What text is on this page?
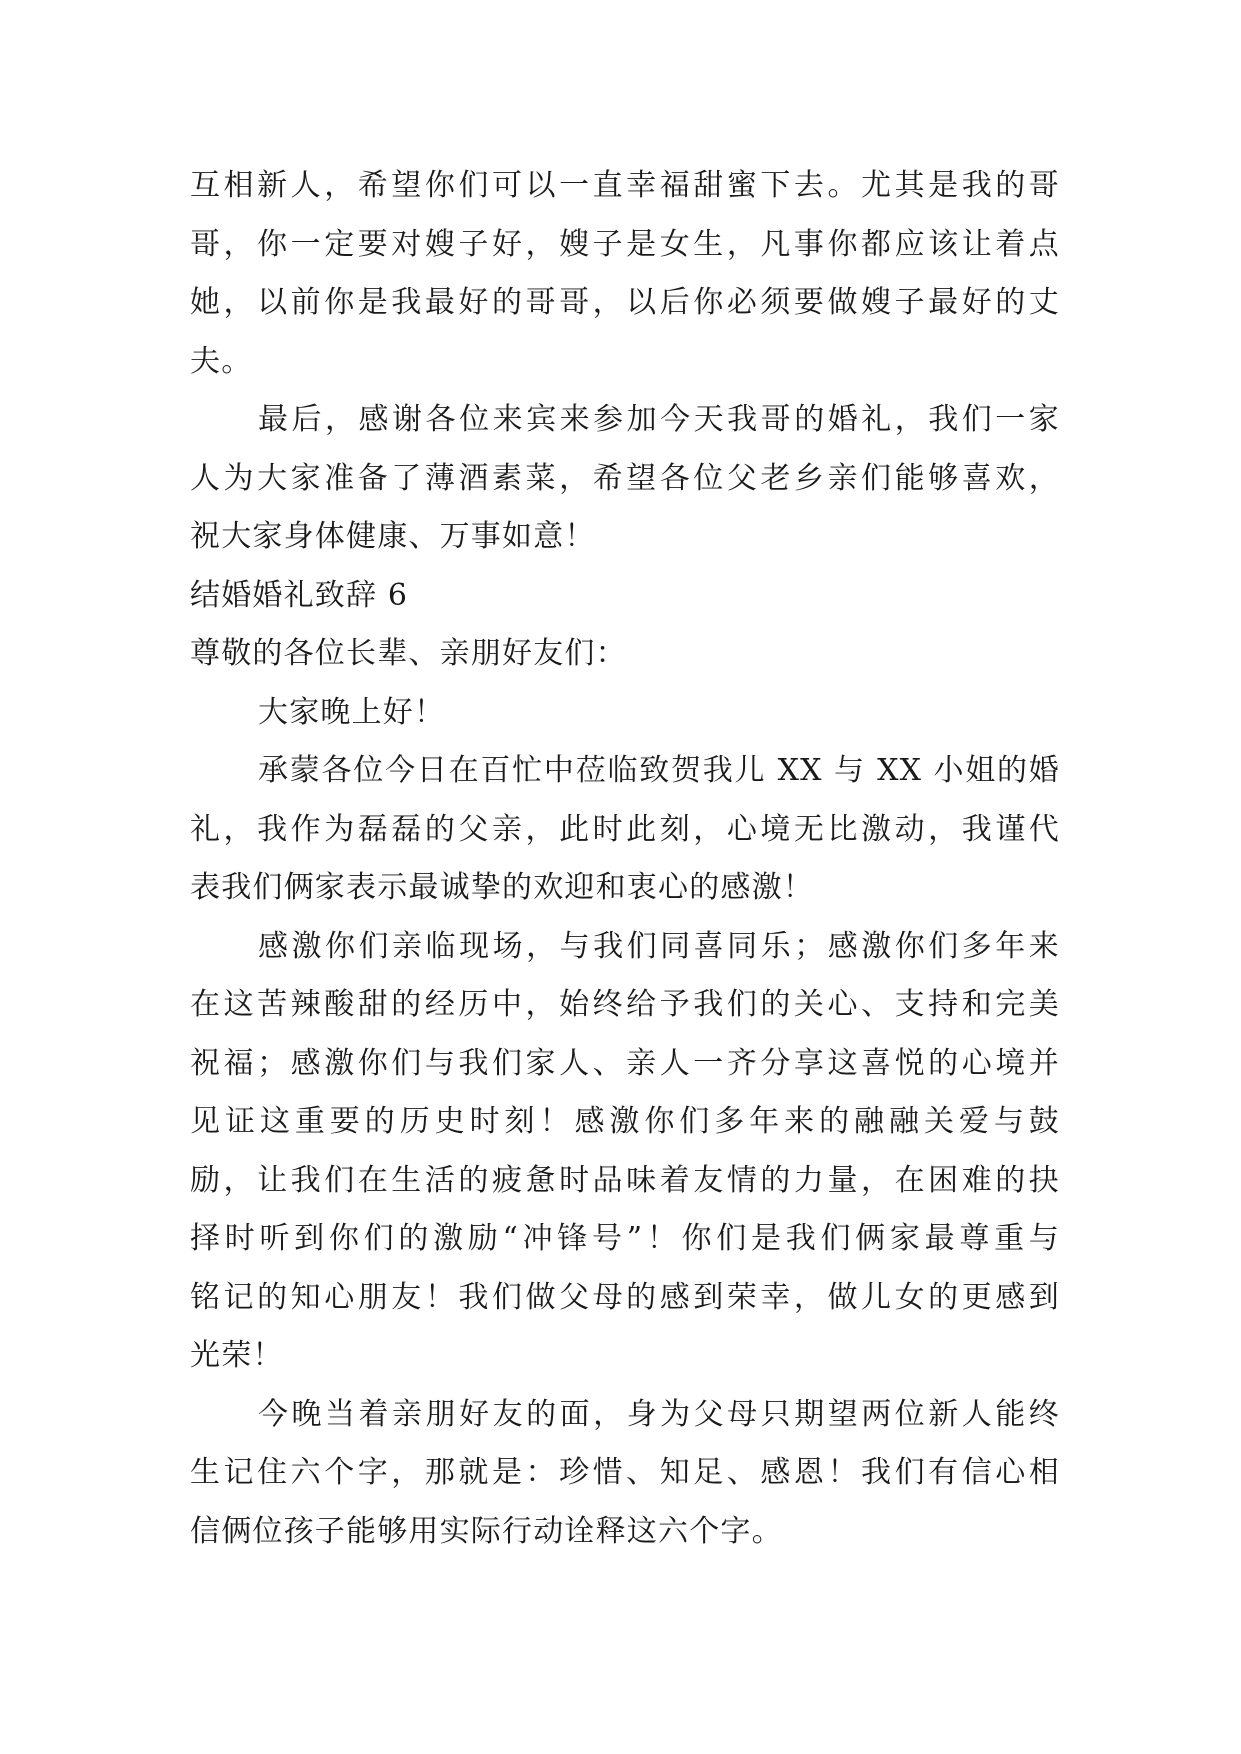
互相新人，希望你们可以一直幸福甜蜜下去。尤其是我的哥
哥，你一定要对嫂子好，嫂子是女生，凡事你都应该让着点
她，以前你是我最好的哥哥，以后你必须要做嫂子最好的丈
夫。
最后，感谢各位来宾来参加今天我哥的婚礼，我们一家
人为大家准备了薄酒素菜，希望各位父老乡亲们能够喜欢，
祝大家身体健康、万事如意！
结婚婚礼致辞 6
尊敬的各位长辈、亲朋好友们：
大家晚上好！
承蒙各位今日在百忙中莅临致贺我儿 XX 与 XX 小姐的婚
礼，我作为磊磊的父亲，此时此刻，心境无比激动，我谨代
表我们俩家表示最诚挚的欢迎和衷心的感激！
感激你们亲临现场，与我们同喜同乐；感激你们多年来
在这苦辣酸甜的经历中，始终给予我们的关心、支持和完美
祝福；感激你们与我们家人、亲人一齐分享这喜悦的心境并
见证这重要的历史时刻！感激你们多年来的融融关爱与鼓
励，让我们在生活的疲惫时品味着友情的力量，在困难的抉
择时听到你们的激励“冲锋号”！你们是我们俩家最尊重与
铭记的知心朋友！我们做父母的感到荣幸，做儿女的更感到
光荣！
今晚当着亲朋好友的面，身为父母只期望两位新人能终
生记住六个字，那就是：珍惜、知足、感恩！我们有信心相
信俩位孩子能够用实际行动诠释这六个字。
